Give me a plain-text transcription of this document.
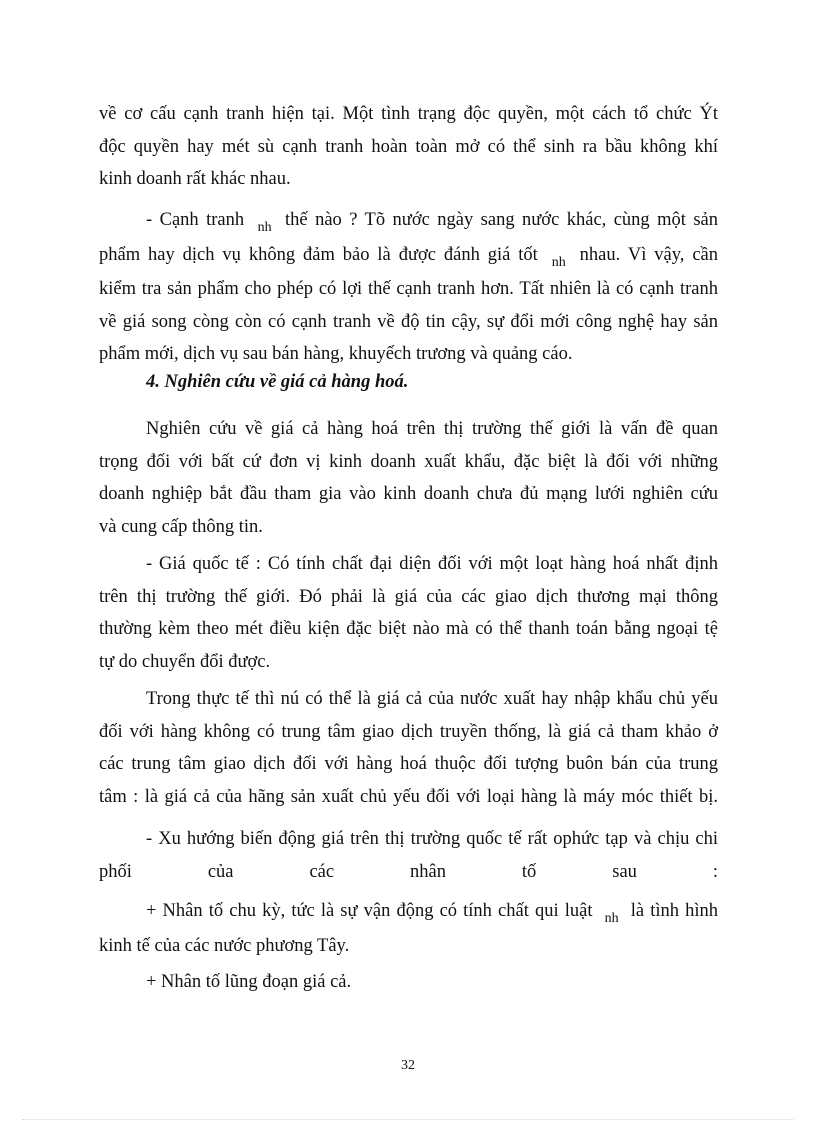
về cơ cấu cạnh tranh hiện tại. Một tình trạng độc quyền, một cách tổ chức Ýt
độc quyền hay mét sù cạnh tranh hoàn toàn mở có thể sinh ra bầu không khí
kinh doanh rất khác nhau.
- Cạnh tranh $_{nh}$ thế nào ? Tõ nước ngày sang nước khác, cùng một sản
phẩm hay dịch vụ không đảm bảo là được đánh giá tốt $_{nh}$ nhau. Vì vậy, cần
kiểm tra sản phẩm cho phép có lợi thế cạnh tranh hơn. Tất nhiên là có cạnh tranh
về giá song còng còn có cạnh tranh về độ tin cậy, sự đổi mới công nghệ hay sản
phẩm mới, dịch vụ sau bán hàng, khuyếch trương và quảng cáo.

4. Nghiên cứu về giá cả hàng hoá.

Nghiên cứu về giá cả hàng hoá trên thị trường thế giới là vấn đề quan
trọng đối với bất cứ đơn vị kinh doanh xuất khẩu, đặc biệt là đối với những
doanh nghiệp bắt đầu tham gia vào kinh doanh chưa đủ mạng lưới nghiên cứu
và cung cấp thông tin.
- Giá quốc tế : Có tính chất đại diện đối với một loạt hàng hoá nhất định
trên thị trường thế giới. Đó phải là giá của các giao dịch thương mại thông
thường kèm theo mét điều kiện đặc biệt nào mà có thể thanh toán bằng ngoại tệ
tự do chuyển đổi được.
Trong thực tế thì nú có thể là giá cả của nước xuất hay nhập khẩu chủ yếu
đối với hàng không có trung tâm giao dịch truyền thống, là giá cả tham khảo ở
các trung tâm giao dịch đối với hàng hoá thuộc đối tượng buôn bán của trung
tâm : là giá cả của hãng sản xuất chủ yếu đối với loại hàng là máy móc thiết bị.
- Xu hướng biến động giá trên thị trường quốc tế rất ophức tạp và chịu chi
phối của các nhân tố sau :
+ Nhân tố chu kỳ, tức là sự vận động có tính chất qui luật $_{nh}$ là tình hình
kinh tế của các nước phương Tây.
+ Nhân tố lũng đoạn giá cả.
32
